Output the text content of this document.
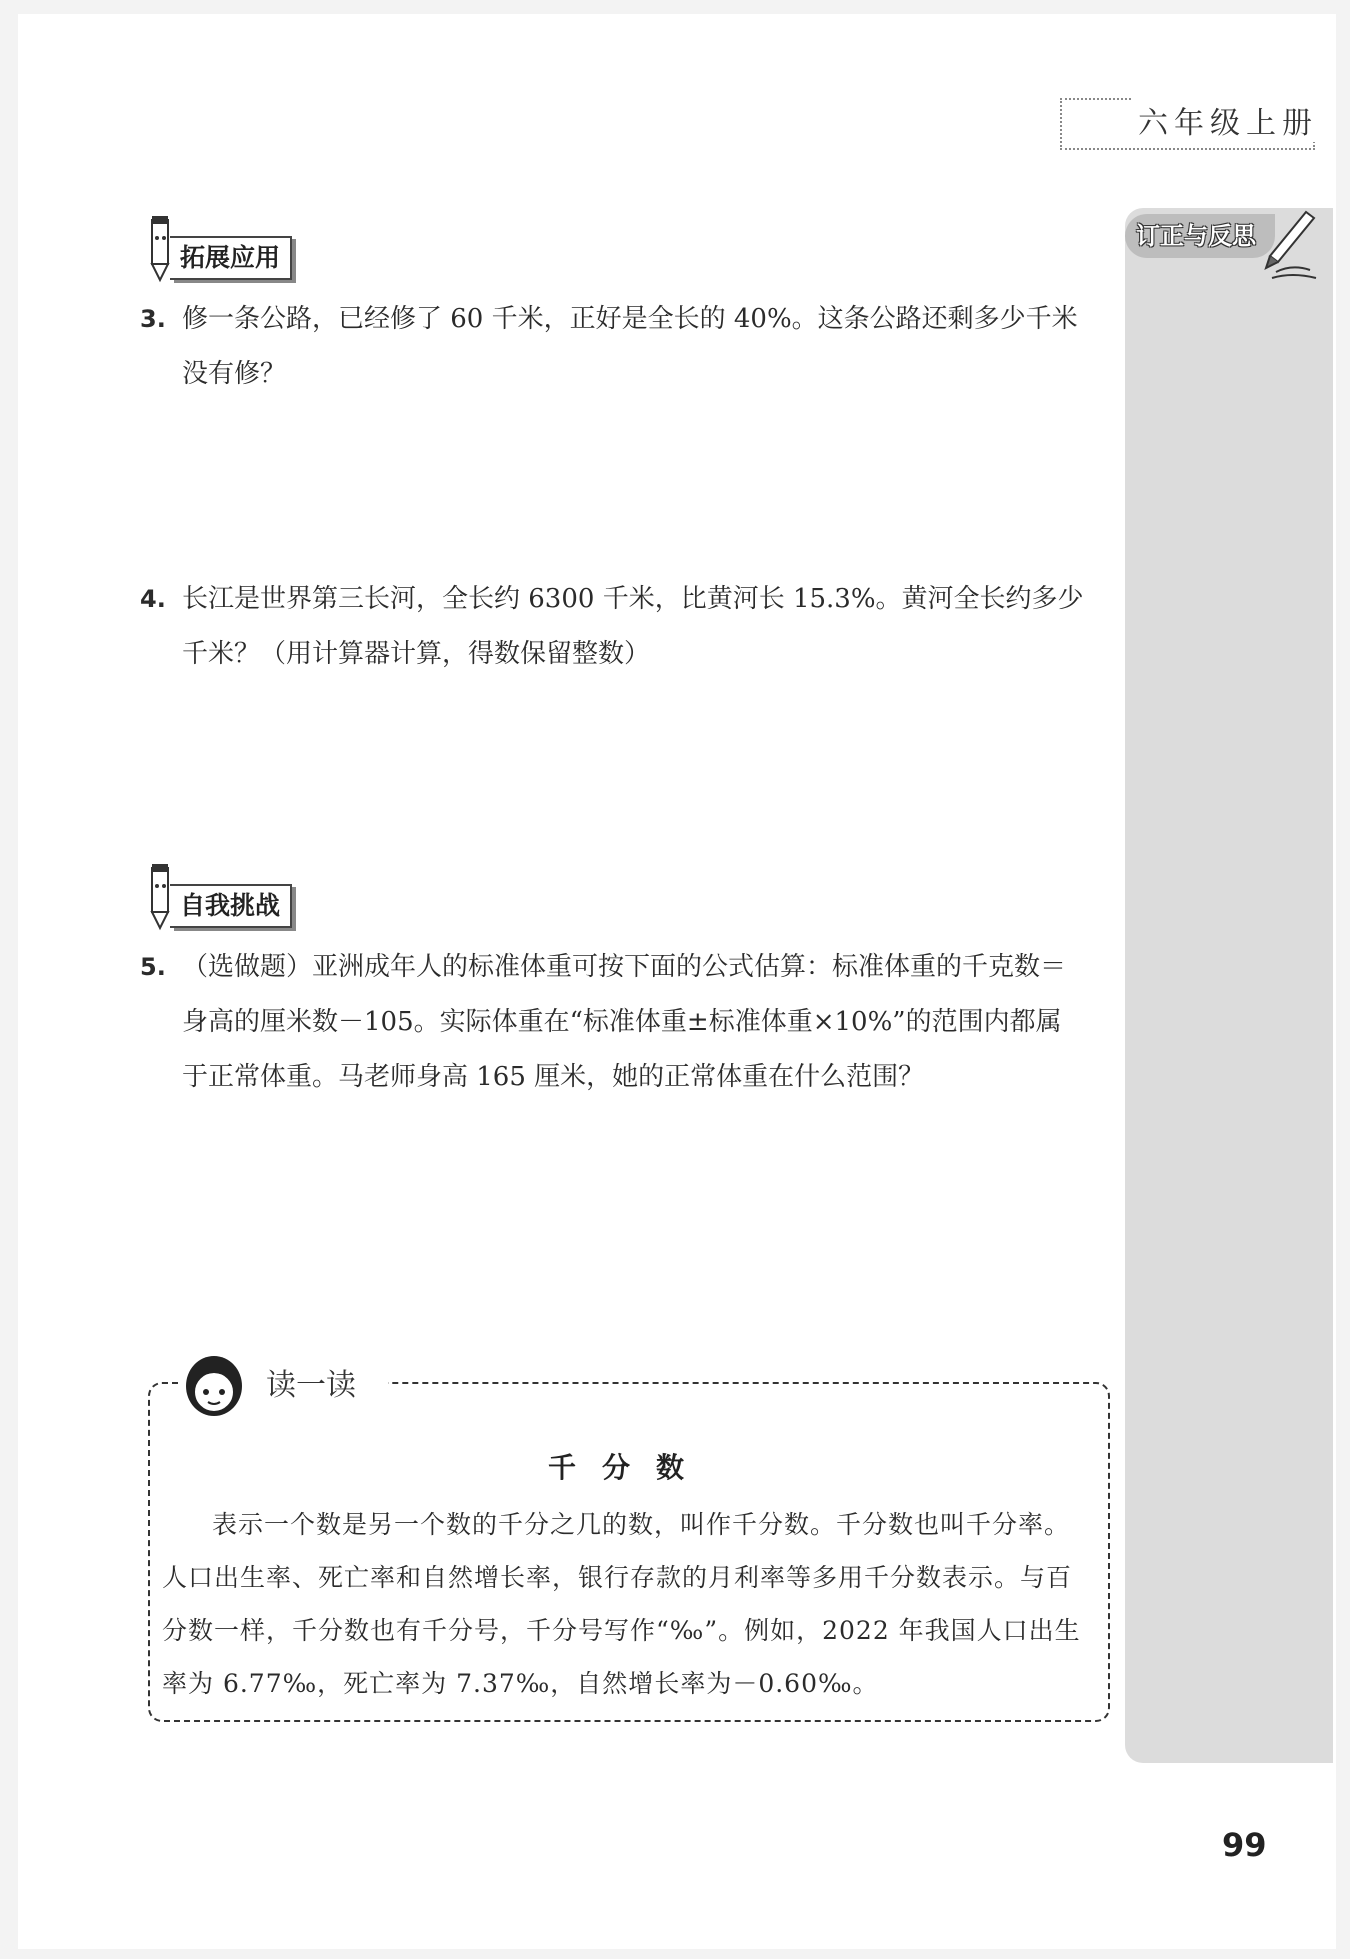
六年级上册
订正与反思
拓展应用
3. 修一条公路，已经修了 60 千米，正好是全长的 40%。这条公路还剩多少千米没有修？
4. 长江是世界第三长河，全长约 6300 千米，比黄河长 15.3%。黄河全长约多少千米？（用计算器计算，得数保留整数）
自我挑战
5. （选做题）亚洲成年人的标准体重可按下面的公式估算：标准体重的千克数＝身高的厘米数－105。实际体重在“标准体重±标准体重×10%”的范围内都属于正常体重。马老师身高 165 厘米，她的正常体重在什么范围？
读一读
千分数
表示一个数是另一个数的千分之几的数，叫作千分数。千分数也叫千分率。人口出生率、死亡率和自然增长率，银行存款的月利率等多用千分数表示。与百分数一样，千分数也有千分号，千分号写作“‰”。例如，2022 年我国人口出生率为 6.77‰，死亡率为 7.37‰，自然增长率为－0.60‰。
99
